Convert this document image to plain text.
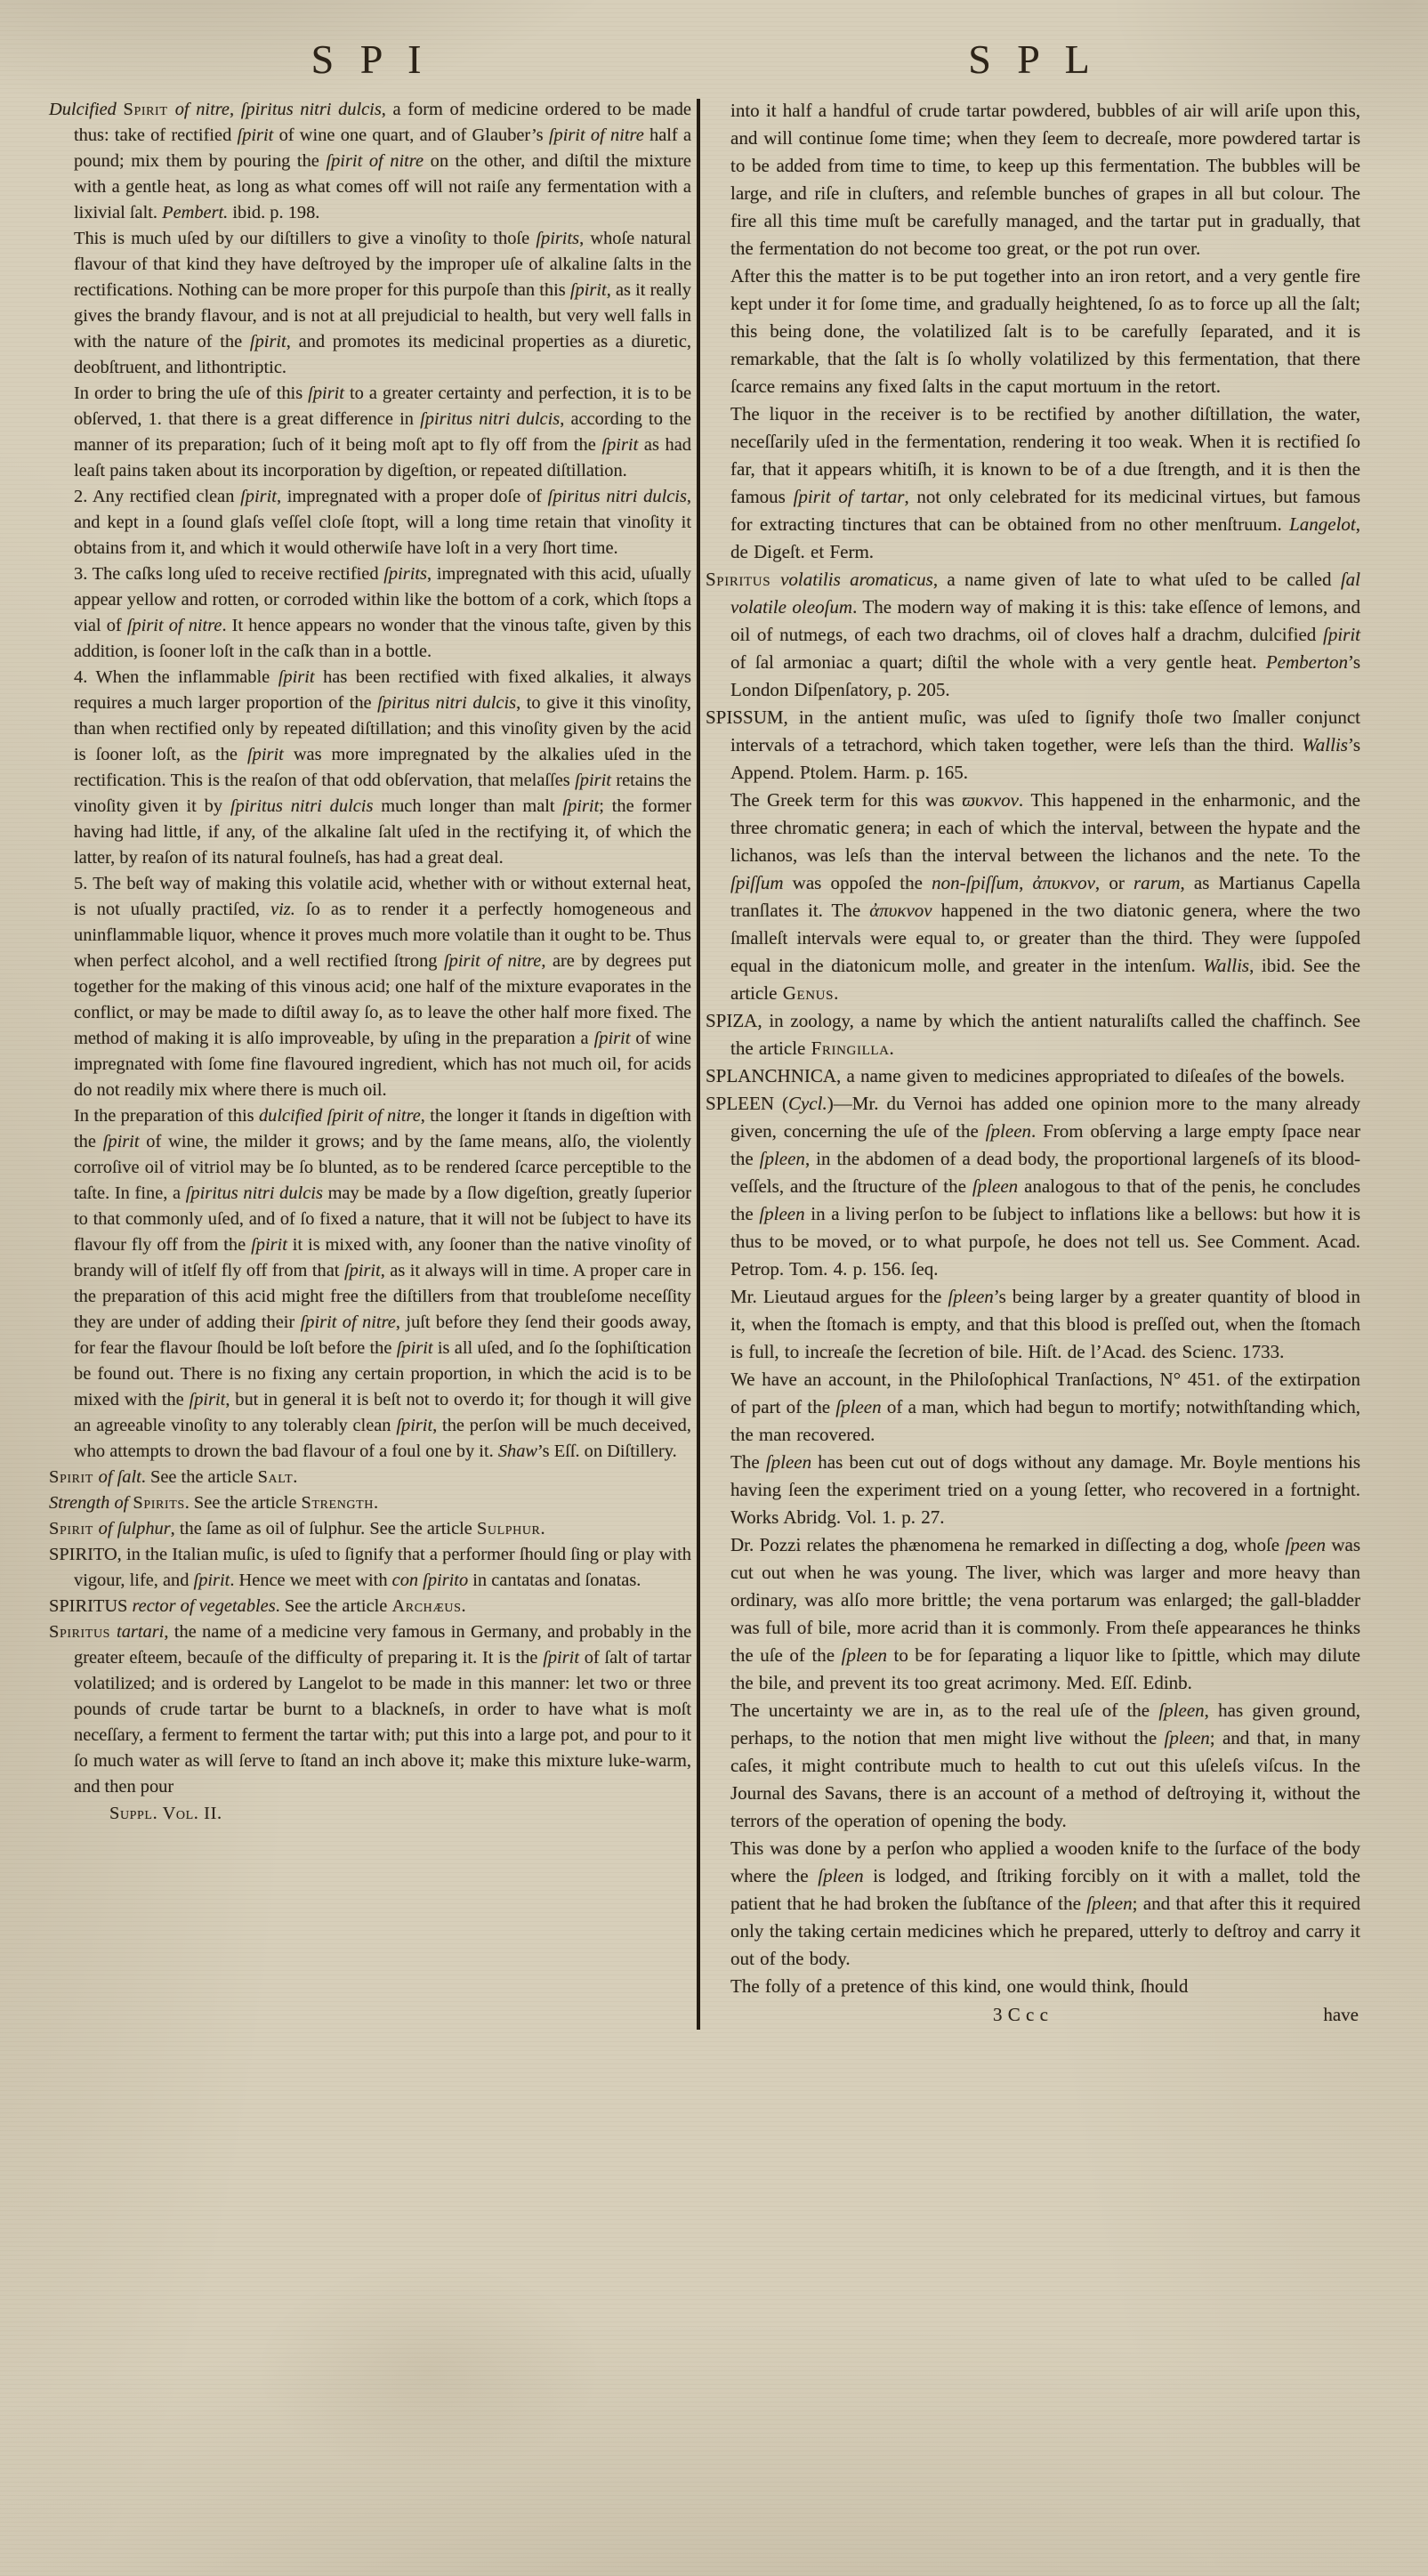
S P I	S P L

Dulcified Spirit of nitre, ſpiritus nitri dulcis, a form of medicine ordered to be made thus: take of rectified ſpirit of wine one quart, and of Glauber’s ſpirit of nitre half a pound; mix them by pouring the ſpirit of nitre on the other, and diſtil the mixture with a gentle heat, as long as what comes off will not raiſe any fermentation with a lixivial ſalt. Pembert. ibid. p. 198.

This is much uſed by our diſtillers to give a vinoſity to thoſe ſpirits, whoſe natural flavour of that kind they have deſtroyed by the improper uſe of alkaline ſalts in the rectifications. Nothing can be more proper for this purpoſe than this ſpirit, as it really gives the brandy flavour, and is not at all prejudicial to health, but very well falls in with the nature of the ſpirit, and promotes its medicinal properties as a diuretic, deobſtruent, and lithontriptic.

In order to bring the uſe of this ſpirit to a greater certainty and perfection, it is to be obſerved, 1. that there is a great difference in ſpiritus nitri dulcis, according to the manner of its preparation; ſuch of it being moſt apt to fly off from the ſpirit as had leaſt pains taken about its incorporation by digeſtion, or repeated diſtillation.

2. Any rectified clean ſpirit, impregnated with a proper doſe of ſpiritus nitri dulcis, and kept in a ſound glaſs veſſel cloſe ſtopt, will a long time retain that vinoſity it obtains from it, and which it would otherwiſe have loſt in a very ſhort time.

3. The caſks long uſed to receive rectified ſpirits, impregnated with this acid, uſually appear yellow and rotten, or corroded within like the bottom of a cork, which ſtops a vial of ſpirit of nitre. It hence appears no wonder that the vinous taſte, given by this addition, is ſooner loſt in the caſk than in a bottle.

4. When the inflammable ſpirit has been rectified with fixed alkalies, it always requires a much larger proportion of the ſpiritus nitri dulcis, to give it this vinoſity, than when rectified only by repeated diſtillation; and this vinoſity given by the acid is ſooner loſt, as the ſpirit was more impregnated by the alkalies uſed in the rectification. This is the reaſon of that odd obſervation, that melaſſes ſpirit retains the vinoſity given it by ſpiritus nitri dulcis much longer than malt ſpirit; the former having had little, if any, of the alkaline ſalt uſed in the rectifying it, of which the latter, by reaſon of its natural foulneſs, has had a great deal.

5. The beſt way of making this volatile acid, whether with or without external heat, is not uſually practiſed, viz. ſo as to render it a perfectly homogeneous and uninflammable liquor, whence it proves much more volatile than it ought to be. Thus when perfect alcohol, and a well rectified ſtrong ſpirit of nitre, are by degrees put together for the making of this vinous acid; one half of the mixture evaporates in the conflict, or may be made to diſtil away ſo, as to leave the other half more fixed. The method of making it is alſo improveable, by uſing in the preparation a ſpirit of wine impregnated with ſome fine flavoured ingredient, which has not much oil, for acids do not readily mix where there is much oil.

In the preparation of this dulcified ſpirit of nitre, the longer it ſtands in digeſtion with the ſpirit of wine, the milder it grows; and by the ſame means, alſo, the violently corroſive oil of vitriol may be ſo blunted, as to be rendered ſcarce perceptible to the taſte. In fine, a ſpiritus nitri dulcis may be made by a ſlow digeſtion, greatly ſuperior to that commonly uſed, and of ſo fixed a nature, that it will not be ſubject to have its flavour fly off from the ſpirit it is mixed with, any ſooner than the native vinoſity of brandy will of itſelf fly off from that ſpirit, as it always will in time. A proper care in the preparation of this acid might free the diſtillers from that troubleſome neceſſity they are under of adding their ſpirit of nitre, juſt before they ſend their goods away, for fear the flavour ſhould be loſt before the ſpirit is all uſed, and ſo the ſophiſtication be found out. There is no fixing any certain proportion, in which the acid is to be mixed with the ſpirit, but in general it is beſt not to overdo it; for though it will give an agreeable vinoſity to any tolerably clean ſpirit, the perſon will be much deceived, who attempts to drown the bad flavour of a foul one by it. Shaw’s Eſſ. on Diſtillery.

Spirit of ſalt. See the article Salt.

Strength of Spirits. See the article Strength.

Spirit of ſulphur, the ſame as oil of ſulphur. See the article Sulphur.

SPIRITO, in the Italian muſic, is uſed to ſignify that a performer ſhould ſing or play with vigour, life, and ſpirit. Hence we meet with con ſpirito in cantatas and ſonatas.

SPIRITUS rector of vegetables. See the article Archæus.

Spiritus tartari, the name of a medicine very famous in Germany, and probably in the greater eſteem, becauſe of the difficulty of preparing it. It is the ſpirit of ſalt of tartar volatilized; and is ordered by Langelot to be made in this manner: let two or three pounds of crude tartar be burnt to a blackneſs, in order to have what is moſt neceſſary, a ferment to ferment the tartar with; put this into a large pot, and pour to it ſo much water as will ſerve to ſtand an inch above it; make this mixture luke-warm, and then pour

Suppl. Vol. II.

into it half a handful of crude tartar powdered, bubbles of air will ariſe upon this, and will continue ſome time; when they ſeem to decreaſe, more powdered tartar is to be added from time to time, to keep up this fermentation. The bubbles will be large, and riſe in cluſters, and reſemble bunches of grapes in all but colour. The fire all this time muſt be carefully managed, and the tartar put in gradually, that the fermentation do not become too great, or the pot run over.

After this the matter is to be put together into an iron retort, and a very gentle fire kept under it for ſome time, and gradually heightened, ſo as to force up all the ſalt; this being done, the volatilized ſalt is to be carefully ſeparated, and it is remarkable, that the ſalt is ſo wholly volatilized by this fermentation, that there ſcarce remains any fixed ſalts in the caput mortuum in the retort.

The liquor in the receiver is to be rectified by another diſtillation, the water, neceſſarily uſed in the fermentation, rendering it too weak. When it is rectified ſo far, that it appears whitiſh, it is known to be of a due ſtrength, and it is then the famous ſpirit of tartar, not only celebrated for its medicinal virtues, but famous for extracting tinctures that can be obtained from no other menſtruum. Langelot, de Digeſt. et Ferm.

Spiritus volatilis aromaticus, a name given of late to what uſed to be called ſal volatile oleoſum. The modern way of making it is this: take eſſence of lemons, and oil of nutmegs, of each two drachms, oil of cloves half a drachm, dulcified ſpirit of ſal armoniac a quart; diſtil the whole with a very gentle heat. Pemberton’s London Diſpenſatory, p. 205.

SPISSUM, in the antient muſic, was uſed to ſignify thoſe two ſmaller conjunct intervals of a tetrachord, which taken together, were leſs than the third. Wallis’s Append. Ptolem. Harm. p. 165.

The Greek term for this was ϖυκνον. This happened in the enharmonic, and the three chromatic genera; in each of which the interval, between the hypate and the lichanos, was leſs than the interval between the lichanos and the nete. To the ſpiſſum was oppoſed the non-ſpiſſum, ἀπυκνον, or rarum, as Martianus Capella tranſlates it. The ἀπυκνον happened in the two diatonic genera, where the two ſmalleſt intervals were equal to, or greater than the third. They were ſuppoſed equal in the diatonicum molle, and greater in the intenſum. Wallis, ibid. See the article Genus.

SPIZA, in zoology, a name by which the antient naturaliſts called the chaffinch. See the article Fringilla.

SPLANCHNICA, a name given to medicines appropriated to diſeaſes of the bowels.

SPLEEN (Cycl.)—Mr. du Vernoi has added one opinion more to the many already given, concerning the uſe of the ſpleen. From obſerving a large empty ſpace near the ſpleen, in the abdomen of a dead body, the proportional largeneſs of its blood-veſſels, and the ſtructure of the ſpleen analogous to that of the penis, he concludes the ſpleen in a living perſon to be ſubject to inflations like a bellows: but how it is thus to be moved, or to what purpoſe, he does not tell us. See Comment. Acad. Petrop. Tom. 4. p. 156. ſeq.

Mr. Lieutaud argues for the ſpleen’s being larger by a greater quantity of blood in it, when the ſtomach is empty, and that this blood is preſſed out, when the ſtomach is full, to increaſe the ſecretion of bile. Hiſt. de l’Acad. des Scienc. 1733.

We have an account, in the Philoſophical Tranſactions, N° 451. of the extirpation of part of the ſpleen of a man, which had begun to mortify; notwithſtanding which, the man recovered.

The ſpleen has been cut out of dogs without any damage. Mr. Boyle mentions his having ſeen the experiment tried on a young ſetter, who recovered in a fortnight. Works Abridg. Vol. 1. p. 27.

Dr. Pozzi relates the phænomena he remarked in diſſecting a dog, whoſe ſpeen was cut out when he was young. The liver, which was larger and more heavy than ordinary, was alſo more brittle; the vena portarum was enlarged; the gall-bladder was full of bile, more acrid than it is commonly. From theſe appearances he thinks the uſe of the ſpleen to be for ſeparating a liquor like to ſpittle, which may dilute the bile, and prevent its too great acrimony. Med. Eſſ. Edinb.

The uncertainty we are in, as to the real uſe of the ſpleen, has given ground, perhaps, to the notion that men might live without the ſpleen; and that, in many caſes, it might contribute much to health to cut out this uſeleſs viſcus. In the Journal des Savans, there is an account of a method of deſtroying it, without the terrors of the operation of opening the body.

This was done by a perſon who applied a wooden knife to the ſurface of the body where the ſpleen is lodged, and ſtriking forcibly on it with a mallet, told the patient that he had broken the ſubſtance of the ſpleen; and that after this it required only the taking certain medicines which he prepared, utterly to deſtroy and carry it out of the body.

The folly of a pretence of this kind, one would think, ſhould

3 C c c	have
